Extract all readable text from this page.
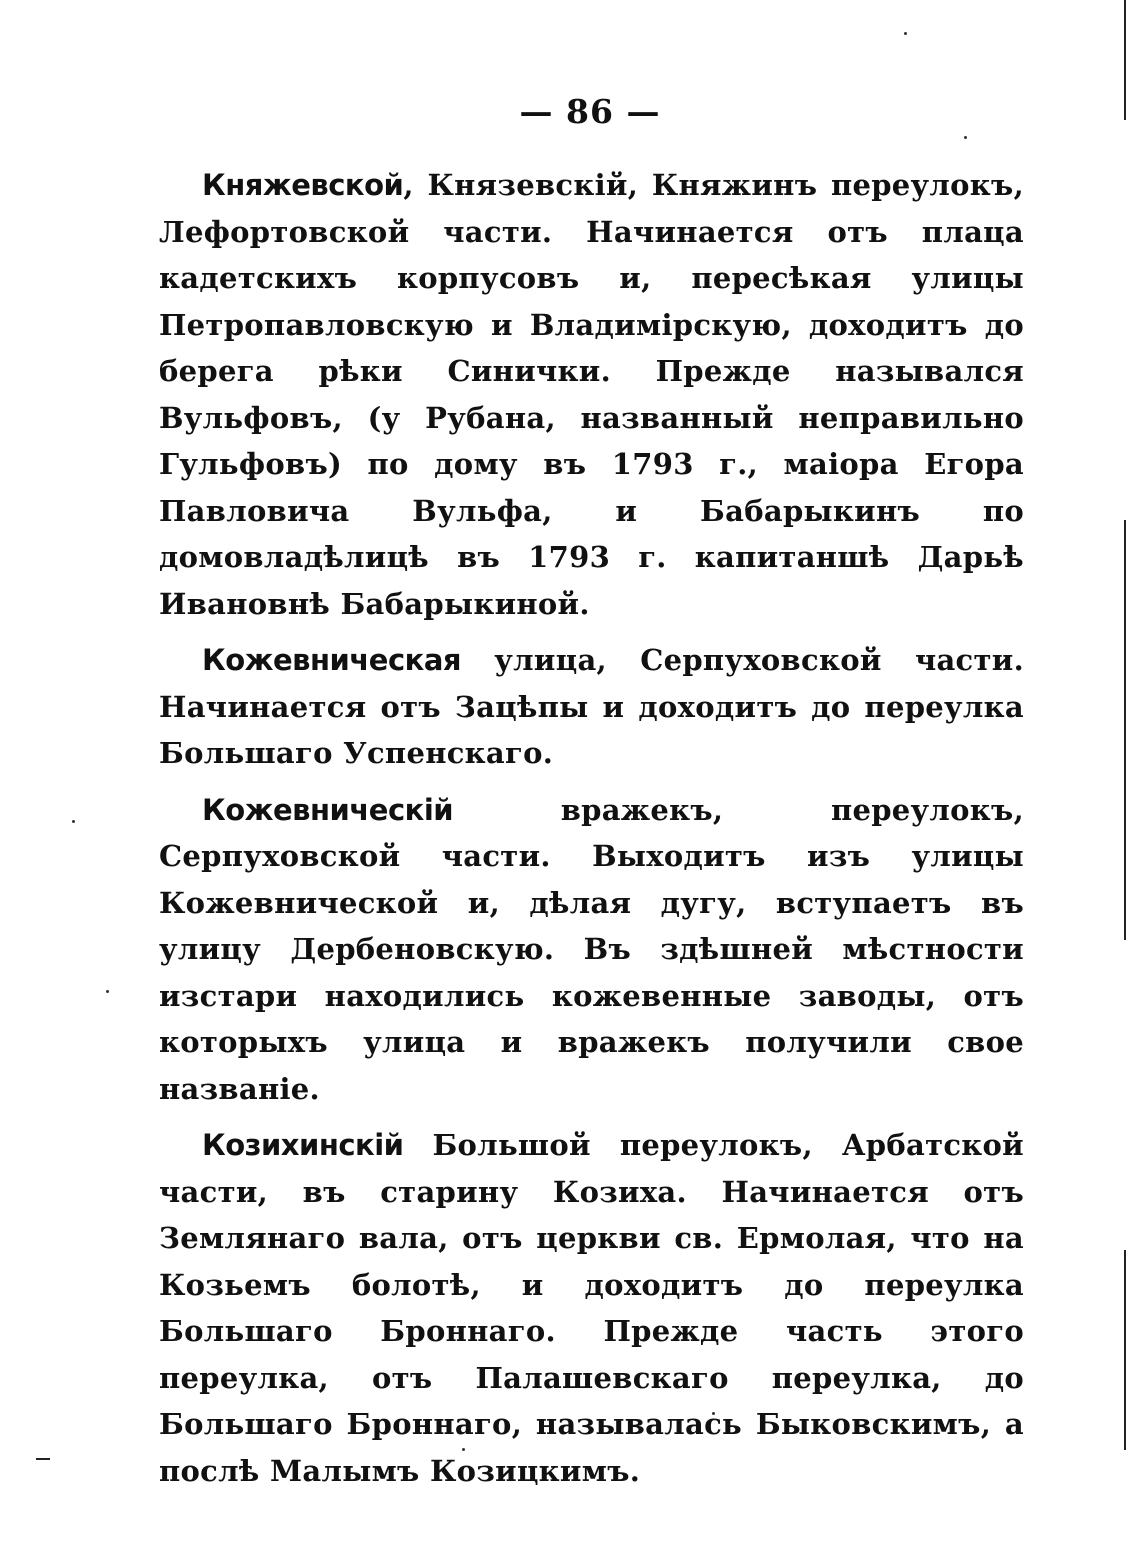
— 86 —

Княжевской, Князевскій, Княжинъ переулокъ, Лефортовской части. Начинается отъ плаца кадетскихъ корпусовъ и, пересѣкая улицы Петропавловскую и Владимірскую, доходитъ до берега рѣки Синички. Прежде назывался Вульфовъ, (у Рубана, названный неправильно Гульфовъ) по дому въ 1793 г., маіора Егора Павловича Вульфа, и Бабарыкинъ по домовладѣлицѣ въ 1793 г. капитаншѣ Дарьѣ Ивановнѣ Бабарыкиной.

Кожевническая улица, Серпуховской части. Начинается отъ Зацѣпы и доходитъ до переулка Большаго Успенскаго.

Кожевническій вражекъ, переулокъ, Серпуховской части. Выходитъ изъ улицы Кожевнической и, дѣлая дугу, вступаетъ въ улицу Дербеновскую. Въ здѣшней мѣстности изстари находились кожевенные заводы, отъ которыхъ улица и вражекъ получили свое названіе.

Козихинскій Большой переулокъ, Арбатской части, въ старину Козиха. Начинается отъ Землянаго вала, отъ церкви св. Ермолая, что на Козьемъ болотѣ, и доходитъ до переулка Большаго Броннаго. Прежде часть этого переулка, отъ Палашевскаго переулка, до Большаго Броннаго, называлась Быковскимъ, а послѣ Малымъ Козицкимъ.
